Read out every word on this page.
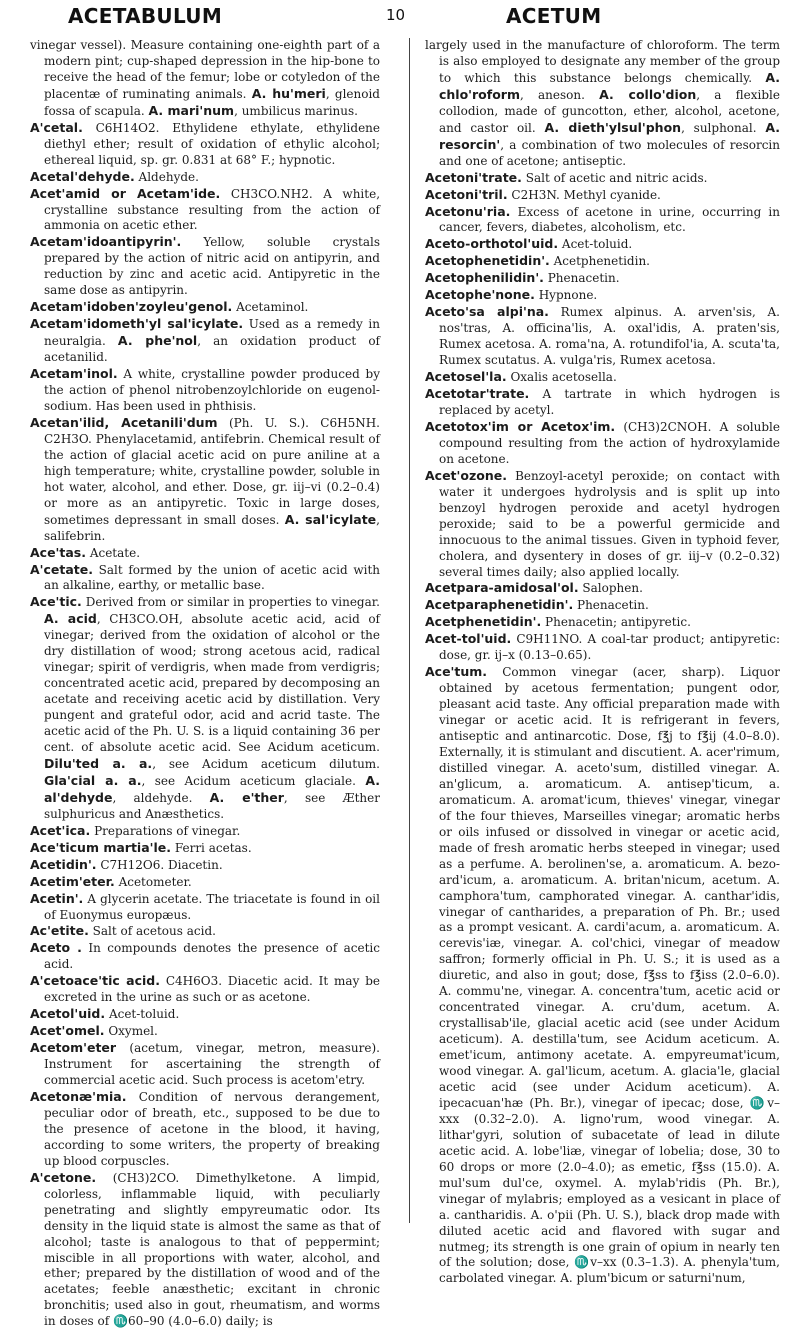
ACETABULUM	10	ACETUM

vinegar vessel). Measure containing one-eighth part of a modern pint; cup-shaped depression in the hip-bone to receive the head of the femur; lobe or cotyledon of the placentæ of ruminating animals. A. hu'meri, glenoid fossa of scapula. A. mari'num, umbilicus marinus.

A'cetal. C6H14O2. Ethylidene ethylate, ethylidene diethyl ether; result of oxidation of ethylic alcohol; ethereal liquid, sp. gr. 0.831 at 68° F.; hypnotic.

Acetal'dehyde. Aldehyde.

Acet'amid or Acetam'ide. CH3CO.NH2. A white, crystalline substance resulting from the action of ammonia on acetic ether.

Acetam'idoantipyrin'. Yellow, soluble crystals prepared by the action of nitric acid on antipyrin, and reduction by zinc and acetic acid. Antipyretic in the same dose as antipyrin.

Acetam'idoben'zoyleu'genol. Acetaminol.

Acetam'idometh'yl sal'icylate. Used as a remedy in neuralgia. A. phe'nol, an oxidation product of acetanilid.

Acetam'inol. A white, crystalline powder produced by the action of phenol nitrobenzoylchloride on eugenol-sodium. Has been used in phthisis.

Acetan'ilid, Acetanili'dum (Ph. U. S.). C6H5NH. C2H3O. Phenylacetamid, antifebrin. Chemical result of the action of glacial acetic acid on pure aniline at a high temperature; white, crystalline powder, soluble in hot water, alcohol, and ether. Dose, gr. iij–vi (0.2–0.4) or more as an antipyretic. Toxic in large doses, sometimes depressant in small doses. A. sal'icylate, salifebrin.

Ace'tas. Acetate.

A'cetate. Salt formed by the union of acetic acid with an alkaline, earthy, or metallic base.

Ace'tic. Derived from or similar in properties to vinegar. A. acid, CH3CO.OH, absolute acetic acid, acid of vinegar; derived from the oxidation of alcohol or the dry distillation of wood; strong acetous acid, radical vinegar; spirit of verdigris, when made from verdigris; concentrated acetic acid, prepared by decomposing an acetate and receiving acetic acid by distillation. Very pungent and grateful odor, acid and acrid taste. The acetic acid of the Ph. U. S. is a liquid containing 36 per cent. of absolute acetic acid. See Acidum aceticum. Dilu'ted a. a., see Acidum aceticum dilutum. Gla'cial a. a., see Acidum aceticum glaciale. A. al'dehyde, aldehyde. A. e'ther, see Æther sulphuricus and Anæsthetics.

Acet'ica. Preparations of vinegar.

Ace'ticum martia'le. Ferri acetas.

Acetidin'. C7H12O6. Diacetin.

Acetim'eter. Acetometer.

Acetin'. A glycerin acetate. The triacetate is found in oil of Euonymus europæus.

Ac'etite. Salt of acetous acid.

Aceto . In compounds denotes the presence of acetic acid.

A'cetoace'tic acid. C4H6O3. Diacetic acid. It may be excreted in the urine as such or as acetone.

Acetol'uid. Acet-toluid.

Acet'omel. Oxymel.

Acetom'eter (acetum, vinegar, metron, measure). Instrument for ascertaining the strength of commercial acetic acid. Such process is acetom'etry.

Acetonæ'mia. Condition of nervous derangement, peculiar odor of breath, etc., supposed to be due to the presence of acetone in the blood, it having, according to some writers, the property of breaking up blood corpuscles.

A'cetone. (CH3)2CO. Dimethylketone. A limpid, colorless, inflammable liquid, with peculiarly penetrating and slightly empyreumatic odor. Its density in the liquid state is almost the same as that of alcohol; taste is analogous to that of peppermint; miscible in all proportions with water, alcohol, and ether; prepared by the distillation of wood and of the acetates; feeble anæsthetic; excitant in chronic bronchitis; used also in gout, rheumatism, and worms in doses of ♏60–90 (4.0–6.0) daily; is

largely used in the manufacture of chloroform. The term is also employed to designate any member of the group to which this substance belongs chemically. A. chlo'roform, aneson. A. collo'dion, a flexible collodion, made of guncotton, ether, alcohol, acetone, and castor oil. A. dieth'ylsul'phon, sulphonal. A. resorcin', a combination of two molecules of resorcin and one of acetone; antiseptic.

Acetoni'trate. Salt of acetic and nitric acids.

Acetoni'tril. C2H3N. Methyl cyanide.

Acetonu'ria. Excess of acetone in urine, occurring in cancer, fevers, diabetes, alcoholism, etc.

Aceto-orthotol'uid. Acet-toluid.

Acetophenetidin'. Acetphenetidin.

Acetophenilidin'. Phenacetin.

Acetophe'none. Hypnone.

Aceto'sa alpi'na. Rumex alpinus. A. arven'sis, A. nos'tras, A. officina'lis, A. oxal'idis, A. praten'sis, Rumex acetosa. A. roma'na, A. rotundifol'ia, A. scuta'ta, Rumex scutatus. A. vulga'ris, Rumex acetosa.

Acetosel'la. Oxalis acetosella.

Acetotar'trate. A tartrate in which hydrogen is replaced by acetyl.

Acetotox'im or Acetox'im. (CH3)2CNOH. A soluble compound resulting from the action of hydroxylamide on acetone.

Acet'ozone. Benzoyl-acetyl peroxide; on contact with water it undergoes hydrolysis and is split up into benzoyl hydrogen peroxide and acetyl hydrogen peroxide; said to be a powerful germicide and innocuous to the animal tissues. Given in typhoid fever, cholera, and dysentery in doses of gr. iij–v (0.2–0.32) several times daily; also applied locally.

Acetpara-amidosal'ol. Salophen.

Acetparaphenetidin'. Phenacetin.

Acetphenetidin'. Phenacetin; antipyretic.

Acet-tol'uid. C9H11NO. A coal-tar product; antipyretic: dose, gr. ij–x (0.13–0.65).

Ace'tum. Common vinegar (acer, sharp). Liquor obtained by acetous fermentation; pungent odor, pleasant acid taste. Any official preparation made with vinegar or acetic acid. It is refrigerant in fevers, antiseptic and antinarcotic. Dose, f℥j to f℥ij (4.0–8.0). Externally, it is stimulant and discutient. A. acer'rimum, distilled vinegar. A. aceto'sum, distilled vinegar. A. an'glicum, a. aromaticum. A. antisep'ticum, a. aromaticum. A. aromat'icum, thieves' vinegar, vinegar of the four thieves, Marseilles vinegar; aromatic herbs or oils infused or dissolved in vinegar or acetic acid, made of fresh aromatic herbs steeped in vinegar; used as a perfume. A. berolinen'se, a. aromaticum. A. bezo-ard'icum, a. aromaticum. A. britan'nicum, acetum. A. camphora'tum, camphorated vinegar. A. canthar'idis, vinegar of cantharides, a preparation of Ph. Br.; used as a prompt vesicant. A. cardi'acum, a. aromaticum. A. cerevis'iæ, vinegar. A. col'chici, vinegar of meadow saffron; formerly official in Ph. U. S.; it is used as a diuretic, and also in gout; dose, f℥ss to f℥iss (2.0–6.0). A. commu'ne, vinegar. A. concentra'tum, acetic acid or concentrated vinegar. A. cru'dum, acetum. A. crystallisab'ile, glacial acetic acid (see under Acidum aceticum). A. destilla'tum, see Acidum aceticum. A. emet'icum, antimony acetate. A. empyreumat'icum, wood vinegar. A. gal'licum, acetum. A. glacia'le, glacial acetic acid (see under Acidum aceticum). A. ipecacuan'hæ (Ph. Br.), vinegar of ipecac; dose, ♏v–xxx (0.32–2.0). A. ligno'rum, wood vinegar. A. lithar'gyri, solution of subacetate of lead in dilute acetic acid. A. lobe'liæ, vinegar of lobelia; dose, 30 to 60 drops or more (2.0–4.0); as emetic, f℥ss (15.0). A. mul'sum dul'ce, oxymel. A. mylab'ridis (Ph. Br.), vinegar of mylabris; employed as a vesicant in place of a. cantharidis. A. o'pii (Ph. U. S.), black drop made with diluted acetic acid and flavored with sugar and nutmeg; its strength is one grain of opium in nearly ten of the solution; dose, ♏v–xx (0.3–1.3). A. phenyla'tum, carbolated vinegar. A. plum'bicum or saturni'num,
